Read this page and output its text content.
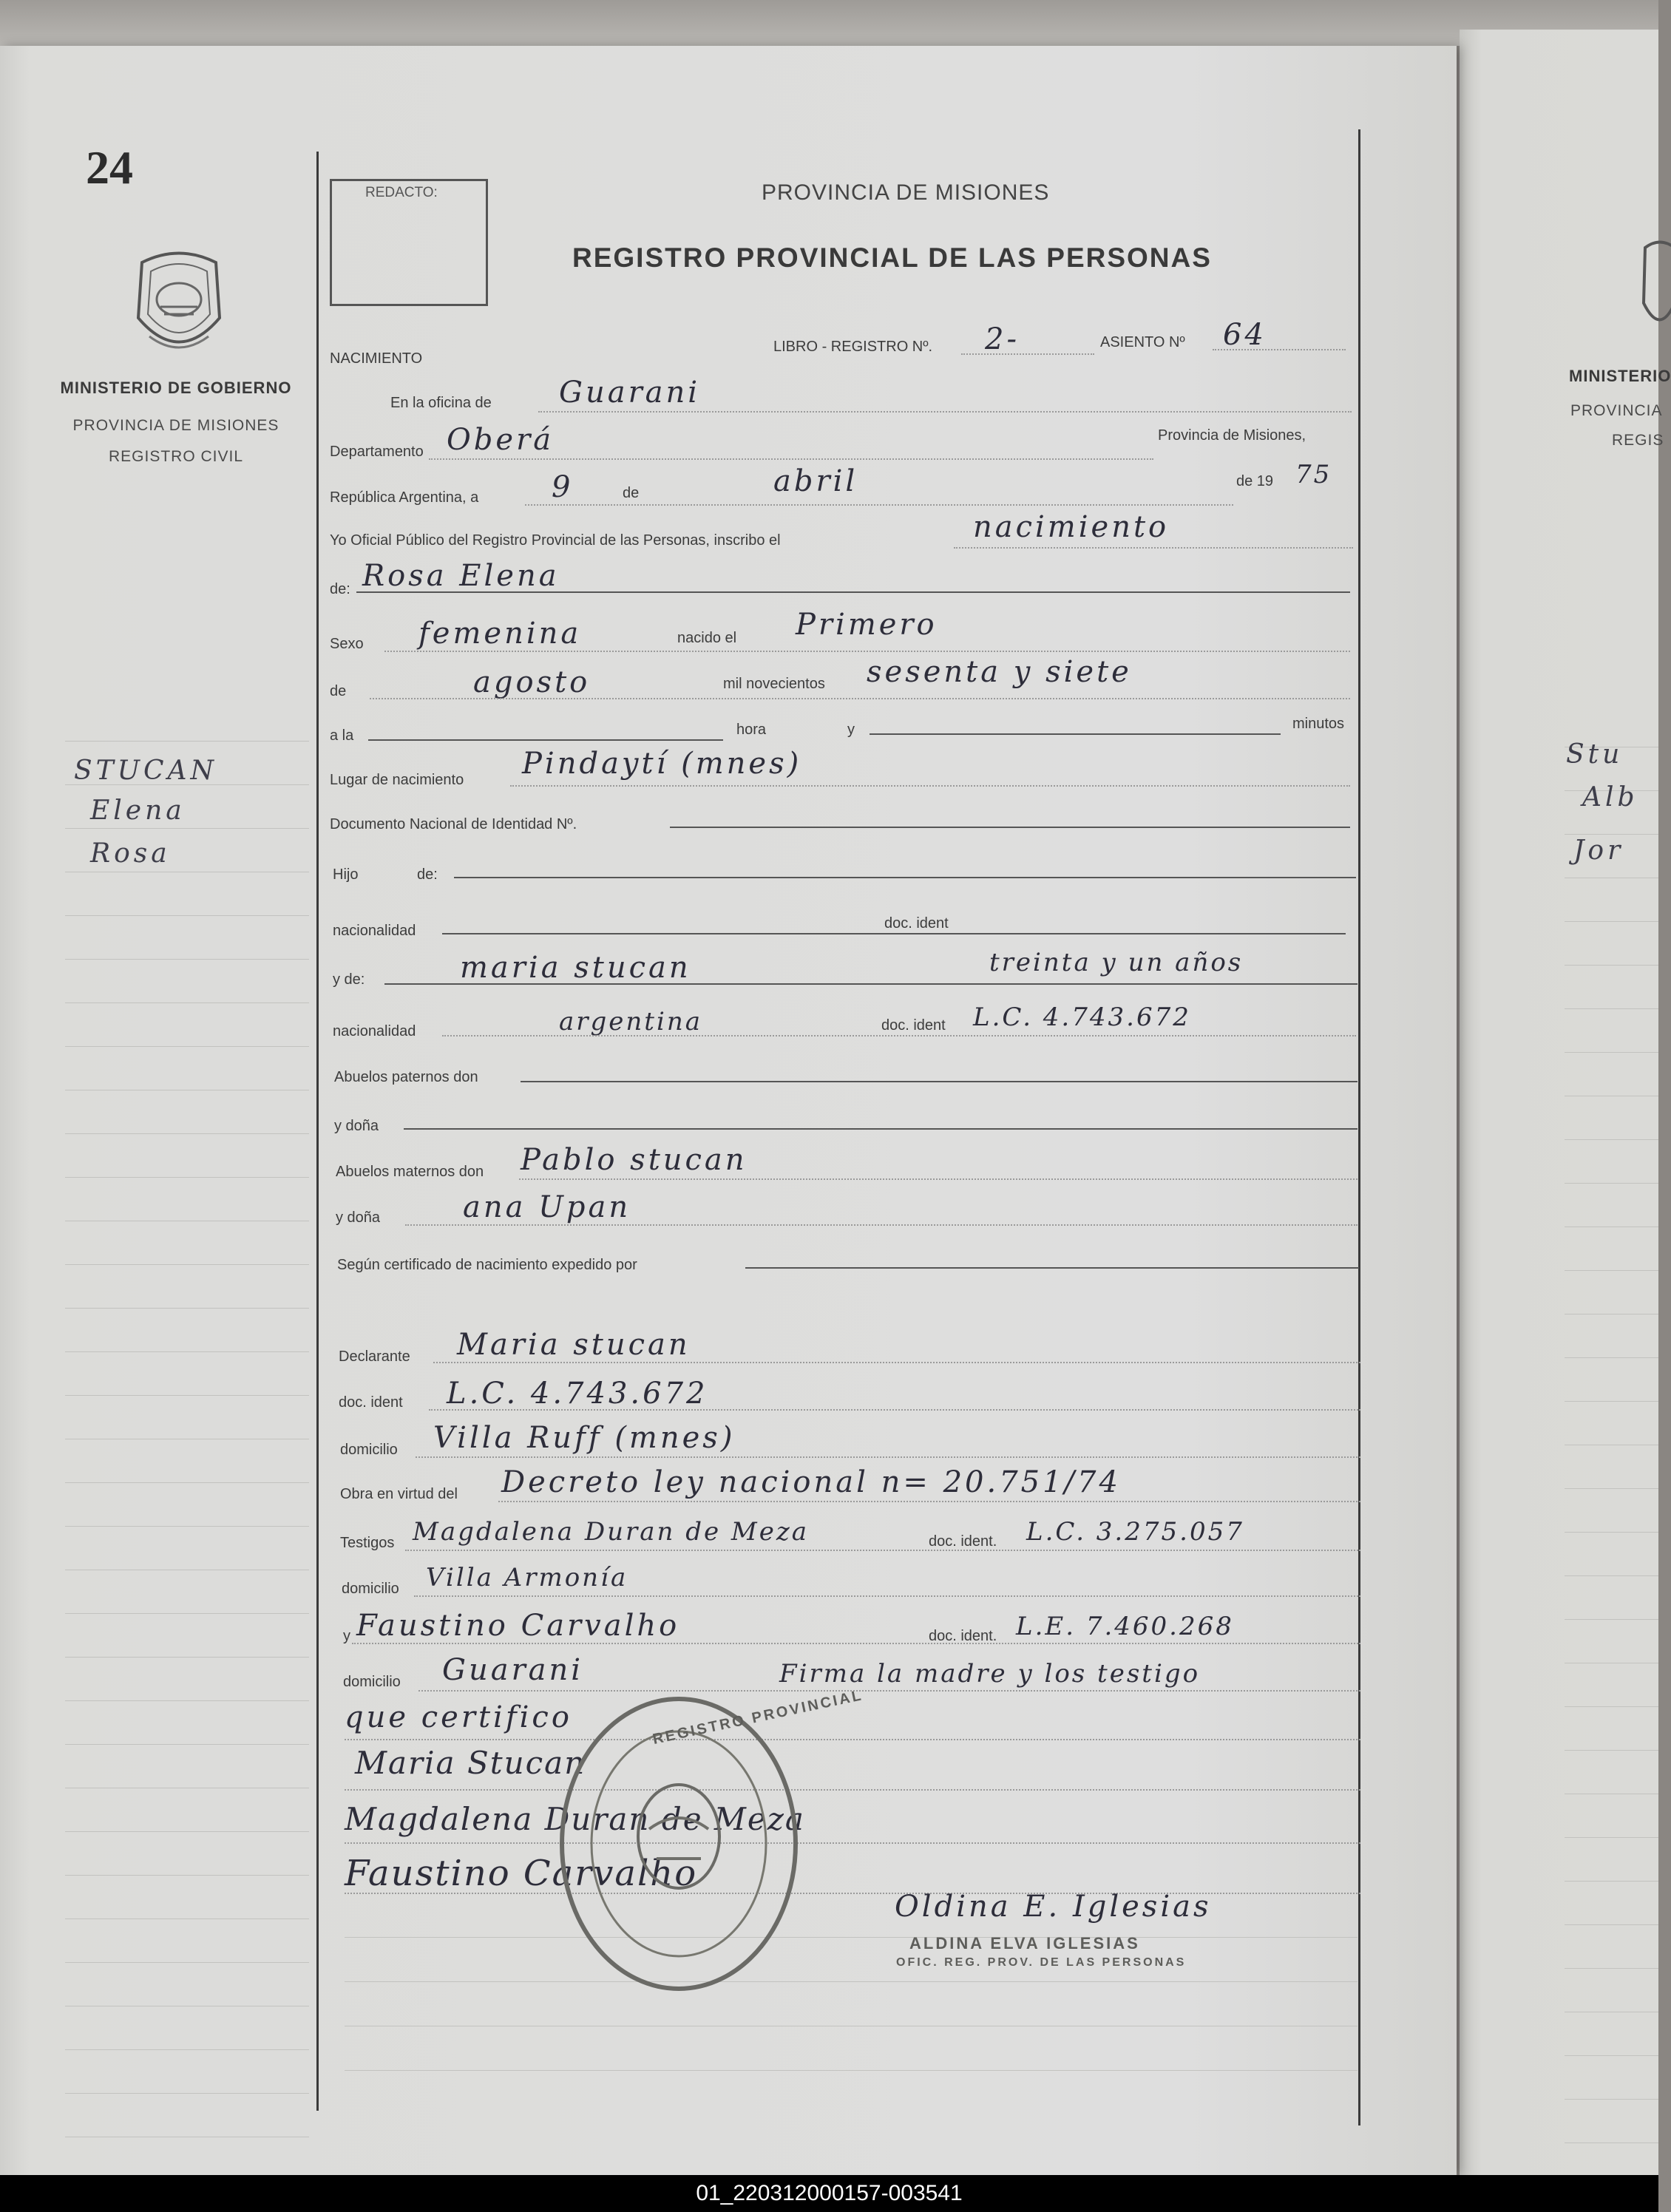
24
MINISTERIO DE GOBIERNO
PROVINCIA DE MISIONES
REGISTRO CIVIL
MINISTERIO
PROVINCIA
REGIS
Stu
Alb
Jor
STUCAN
Elena
Rosa
REDACTO:	PROVINCIA DE MISIONES
REGISTRO PROVINCIAL DE LAS PERSONAS
NACIMIENTO
LIBRO - REGISTRO Nº. 2-	ASIENTO Nº 64
En la oficina de Guarani
Departamento Oberá	Provincia de Misiones,
República Argentina, a 9	de	abril	de 19 75
Yo Oficial Público del Registro Provincial de las Personas, inscribo el	nacimiento
de: Rosa Elena
Sexo femenina	nacido el Primero
de	agosto	mil novecientos sesenta y siete
a la	hora	y	minutos
Lugar de nacimiento Pindaytí (mnes)
Documento Nacional de Identidad Nº.
Hijo	de:
nacionalidad	doc. ident
y de:	maria stucan	treinta y un años
nacionalidad	argentina	doc. ident L.C. 4.743.672
Abuelos paternos don
y doña
Abuelos maternos don Pablo stucan
y doña	ana Upan
Según certificado de nacimiento expedido por
Declarante Maria stucan
doc. ident L.C. 4.743.672
domicilio Villa Ruff (mnes)
Obra en virtud del Decreto ley nacional n= 20.751/74
Testigos Magdalena Duran de Meza	doc. ident. L.C. 3.275.057
domicilio Villa Armonía
y Faustino Carvalho	doc. ident. L.E. 7.460.268
domicilio Guarani	Firma la madre y los testigo
que certifico
Maria Stucan
Magdalena Duran de Meza
Faustino Carvalho
REGISTRO PROVINCIAL
Oldina E. Iglesias
ALDINA ELVA IGLESIAS
OFIC. REG. PROV. DE LAS PERSONAS
01_220312000157-003541
